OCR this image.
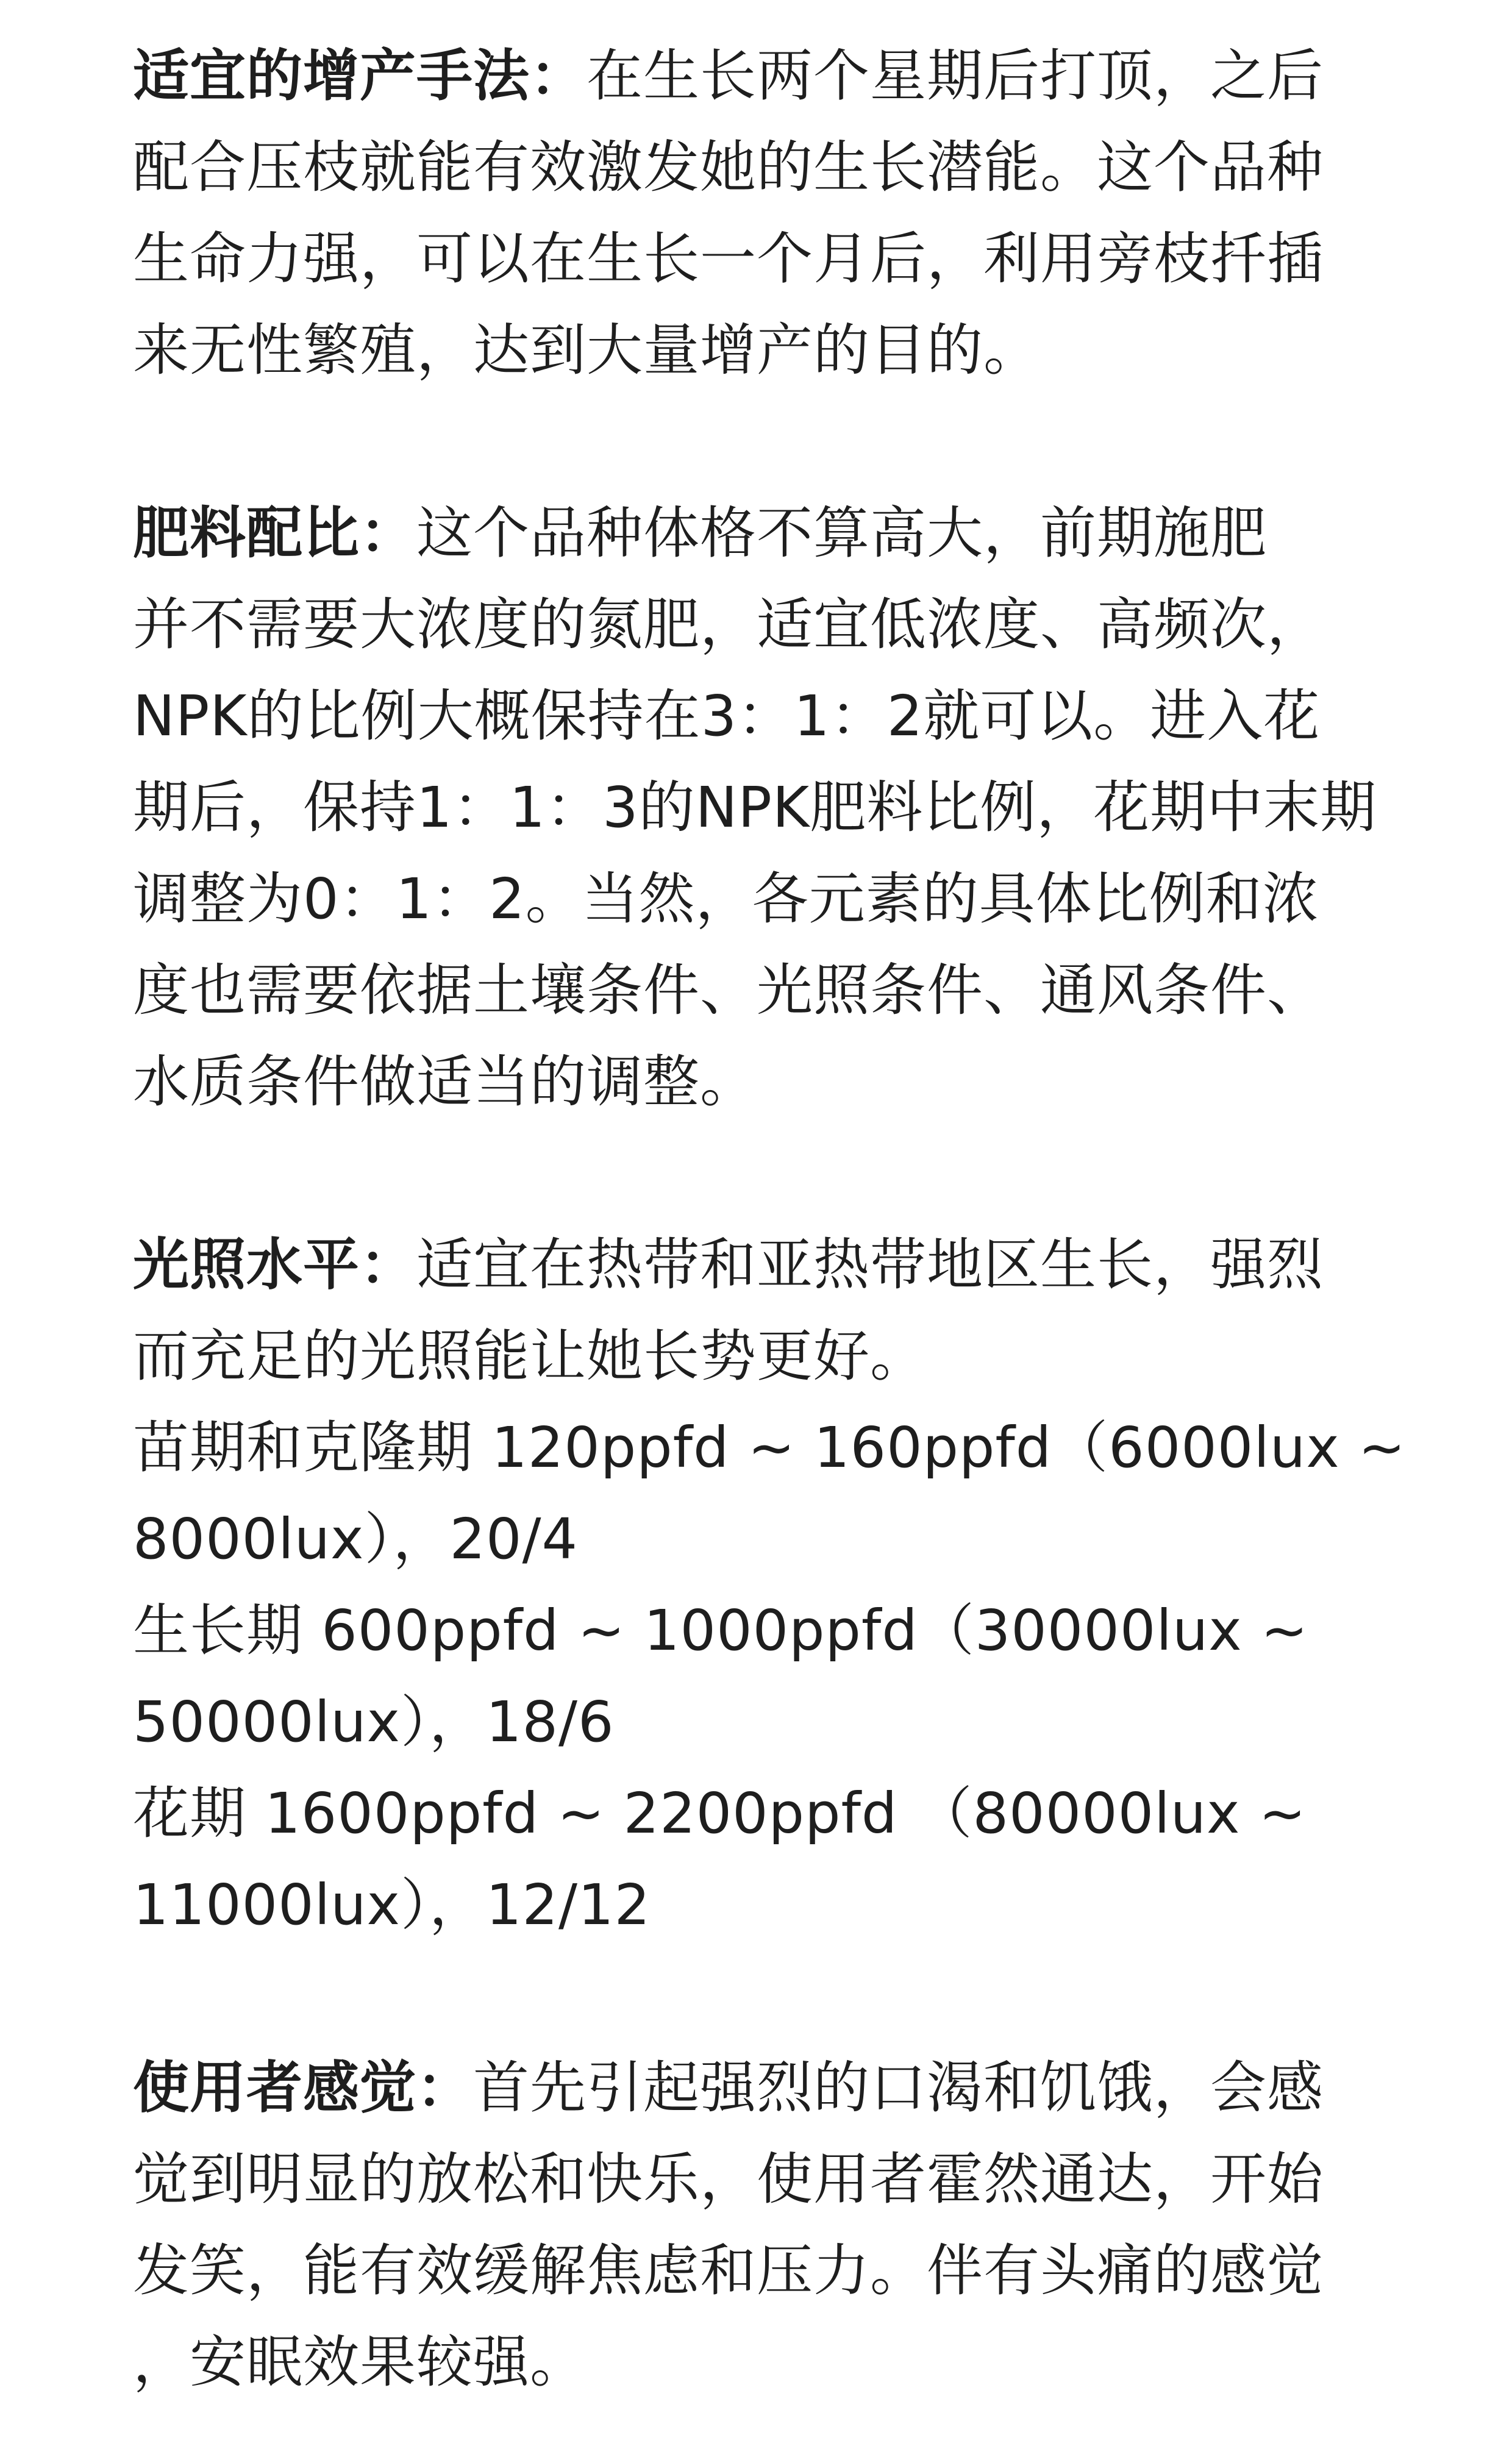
适宜的增产手法：在生长两个星期后打顶，之后
配合压枝就能有效激发她的生长潜能。这个品种
生命力强，可以在生长一个月后，利用旁枝扦插
来无性繁殖，达到大量增产的目的。
肥料配比：这个品种体格不算高大，前期施肥
并不需要大浓度的氮肥，适宜低浓度、高频次，
NPK的比例大概保持在3：1：2就可以。进入花
期后，保持1：1：3的NPK肥料比例，花期中末期
调整为0：1：2。当然，各元素的具体比例和浓
度也需要依据土壤条件、光照条件、通风条件、
水质条件做适当的调整。
光照水平：适宜在热带和亚热带地区生长，强烈
而充足的光照能让她长势更好。
苗期和克隆期 120ppfd ~ 160ppfd（6000lux ~
8000lux），20/4
生长期 600ppfd ~ 1000ppfd（30000lux ~
50000lux），18/6
花期 1600ppfd ~ 2200ppfd （80000lux ~
11000lux），12/12
使用者感觉：首先引起强烈的口渴和饥饿，会感
觉到明显的放松和快乐，使用者霍然通达，开始
发笑，能有效缓解焦虑和压力。伴有头痛的感觉
，安眠效果较强。
